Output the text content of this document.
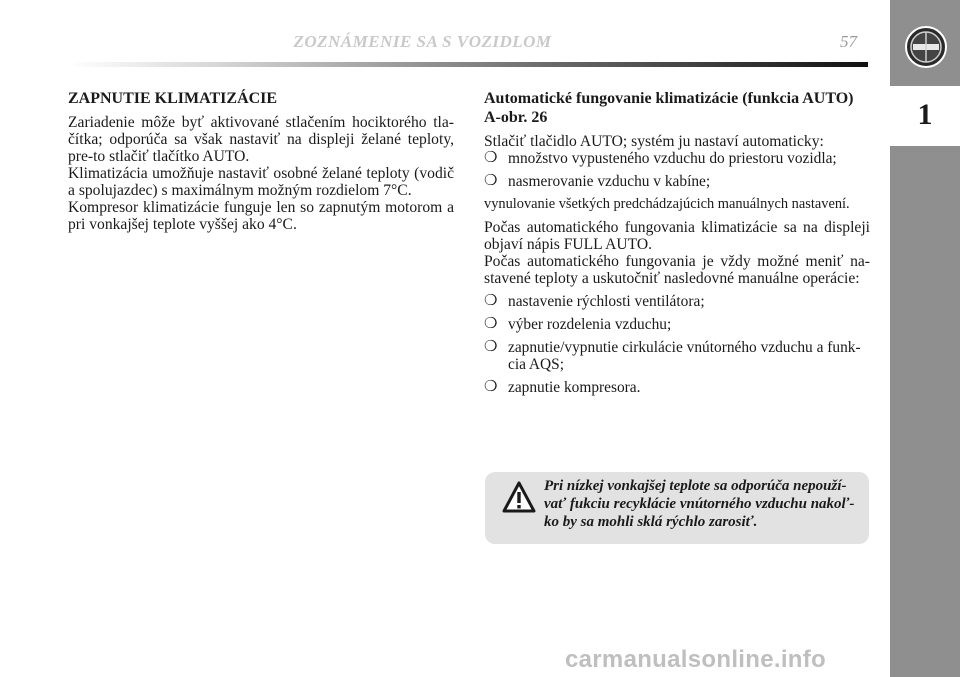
ZOZNÁMENIE SA S VOZIDLOM	57
1
ZAPNUTIE KLIMATIZÁCIE

Zariadenie môže byť aktivované stlačením hociktorého tla-čítka; odporúča sa však nastaviť na displeji želané teploty, pre-to stlačiť tlačítko AUTO.

Klimatizácia umožňuje nastaviť osobné želané teploty (vodič a spolujazdec) s maximálnym možným rozdielom 7°C.

Kompresor klimatizácie funguje len so zapnutým motorom a pri vonkajšej teplote vyššej ako 4°C.

Automatické fungovanie klimatizácie (funkcia AUTO) A-obr. 26

Stlačiť tlačidlo AUTO; systém ju nastaví automaticky:

❍ množstvo vypusteného vzduchu do priestoru vozidla;
❍ nasmerovanie vzduchu v kabíne;

vynulovanie všetkých predchádzajúcich manuálnych nastavení.

Počas automatického fungovania klimatizácie sa na displeji objaví nápis FULL AUTO.

Počas automatického fungovania je vždy možné meniť na-stavené teploty a uskutočniť nasledovné manuálne operácie:

❍ nastavenie rýchlosti ventilátora;
❍ výber rozdelenia vzduchu;
❍ zapnutie/vypnutie cirkulácie vnútorného vzduchu a funk-cia AQS;
❍ zapnutie kompresora.
Pri nízkej vonkajšej teplote sa odporúča nepouží-vať fukciu recyklácie vnútorného vzduchu nakoľ-ko by sa mohli sklá rýchlo zarosiť.
carmanualsonline.info
